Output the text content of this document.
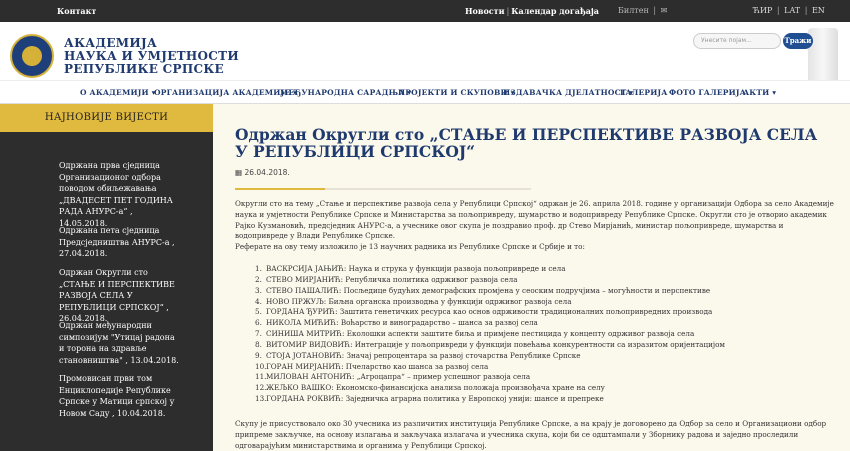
Контакт	Новости | Календар догађаја Билтен | ✉	ЋИР | LAT | EN
АКАДЕМИЈА
НАУКА И УМЈЕТНОСТИ
РЕПУБЛИКЕ СРПСКЕ
Унесите појам...	Тражи
О АКАДЕМИЈИ ▾
ОРГАНИЗАЦИЈА АКАДЕМИЈЕ ▾
МЕЂУНАРОДНА САРАДЊА ▾
ПРОЈЕКТИ И СКУПОВИ ▾
ИЗДАВАЧКА ДЈЕЛАТНОСТ ▾
ГАЛЕРИЈА ФОТО ГАЛЕРИЈА
АКТИ ▾
НАЈНОВИЈЕ ВИЈЕСТИ
Одржана прва сједница Организационог одбора поводом обиљежавања „ДВАДЕСЕТ ПЕТ ГОДИНА РАДА АНУРС-а“ , 14.05.2018.
Одржана пета сједница Предсједништва АНУРС-а , 27.04.2018.
Одржан Округли сто „СТАЊЕ И ПЕРСПЕКТИВЕ РАЗВОЈА СЕЛА У РЕПУБЛИЦИ СРПСКОЈ“ , 26.04.2018.
Одржан међународни симпозијум "Утицај радона и торона на здравље становништва" , 13.04.2018.
Промовисан први том Енциклопедије Републике Српске у Матици српској у Новом Саду , 10.04.2018.
Одржан Округли сто „СТАЊЕ И ПЕРСПЕКТИВЕ РАЗВОЈА СЕЛА У РЕПУБЛИЦИ СРПСКОЈ“
▦ 26.04.2018.
Округли сто на тему „Стање и перспективе развоја села у Републици Српској“ одржан је 26. априла 2018. године у организацији Одбора за село Академије наука и умјетности Републике Српске и Министарства за пољопривреду, шумарство и водопривреду Републике Српске. Округли сто је отворио академик Рајко Кузмановић, предсједник АНУРС-а, а учеснике овог скупа је поздравио проф. др Стево Мирјанић, министар пољопривреде, шумарства и водопривреде у Влади Републике Српске.
Реферате на ову тему изложило је 13 научних радника из Републике Српске и Србије и то:
1. ВАСКРСИЈА ЈАЊИЋ: Наука и струка у функцији развоја пољопривреде и села
2. СТЕВО МИРЈАНИЋ: Републичка политика одрживог развоја села
3. СТЕВО ПАШАЛИЋ: Посљедице будућих демографских промјена у сеоским подручјима – могућности и перспективе
4. НОВО ПРЖУЉ: Биљна органска производња у функцији одрживог развоја села
5. ГОРДАНА ЂУРИЋ: Заштита генетичких ресурса као основ одрживости традиционалних пољопривредних производа
6. НИКОЛА МИЋИЋ: Воћарство и виноградарство – шанса за развој села
7. СИНИША МИТРИЋ: Еколошки аспекти заштите биља и примјене пестицида у концепту одрживог развоја села
8. ВИТОМИР ВИДОВИЋ: Интеграције у пољопривреди у функцији повећања конкурентности са изразитом оријентацијом
9. СТОЈА ЈОТАНОВИЋ: Значај репроцентара за развој сточарства Републике Српске
10.ГОРАН МИРЈАНИЋ: Пчеларство као шанса за развој села
11.МИЛОВАН АНТОНИЋ: „Агроцапра“ – пример успешног развоја села
12.ЖЕЉКО ВАШКО: Економско-финансијска анализа положаја произвођача хране на селу
13.ГОРДАНА РОКВИЋ: Заједничка аграрна политика у Европској унији: шансе и препреке
Скупу је присуствовало око 30 учесника из различитих институција Републике Српске, а на крају је договорено да Одбор за село и Организациони одбор припреме закључке, на основу излагања и закључака излагача и учесника скупа, који би се одштампали у Зборнику радова и заједно проследили одговарајућим министарствима и органима у Републици Српској.
